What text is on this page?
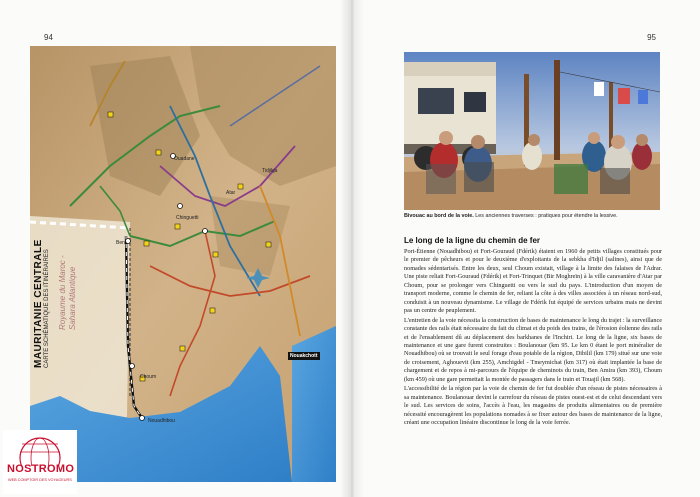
94	95
MAURITANIE CENTRALE CARTE SCHÉMATIQUE DES ITINÉRAIRES Royaume du Maroc - Sahara Atlantique
Ben
Choum
Chinguetti
Ouadane
Nouadhibou
Atar
Tidjikja
Nouakchott
NOSTROMO
WEB COMPTOIR DES VOYAGEURS
Bivouac au bord de la voie. Les anciennes traverses : pratiques pour étendre la lessive.
Le long de la ligne du chemin de fer

Port-Étienne (Nouadhibou) et Fort-Gouraud (Fdérik) étaient en 1960 de petits villages constitués pour le premier de pêcheurs et pour le deuxième d'exploitants de la sebkha d'Idjil (salines), ainsi que de nomades sédentarisés. Entre les deux, seul Choum existait, village à la limite des falaises de l'Adrar. Une piste reliait Fort-Gouraud (Fdérik) et Fort-Trinquet (Bir Moghreïn) à la ville caravanière d'Atar par Choum, pour se prolonger vers Chinguetti ou vers le sud du pays. L'introduction d'un moyen de transport moderne, comme le chemin de fer, reliant la côte à des villes associées à un réseau nord-sud, conduisit à un nouveau dynamisme. Le village de Fdérik fut équipé de services urbains mais ne devint pas un centre de peuplement.

L'entretien de la voie nécessita la construction de bases de maintenance le long du trajet : la surveillance constante des rails était nécessaire du fait du climat et du poids des trains, de l'érosion éolienne des rails et de l'ensablement dû au déplacement des barkhanes de l'Inchiri. Le long de la ligne, six bases de maintenance et une gare furent construites : Boulanouar (km 95. Le km 0 étant le port minéralier de Nouadhibou) où se trouvait le seul forage d'eau potable de la région, Dibilil (km 179) situé sur une voie de croisement, Aghouevit (km 255), Amchigdel - Tmeymichat (km 317) où était implantée la base de chargement et de repos à mi-parcours de l'équipe de cheminots du train, Ben Amira (km 393), Choum (km 459) où une gare permettait la montée de passagers dans le train et Touajil (km 568).

L'accessibilité de la région par la voie de chemin de fer fut doublée d'un réseau de pistes nécessaires à sa maintenance. Boulanouar devint le carrefour du réseau de pistes ouest-est et de celui descendant vers le sud. Les services de soins, l'accès à l'eau, les magasins de produits alimentaires ou de première nécessité encouragèrent les populations nomades à se fixer autour des bases de maintenance de la ligne, créant une occupation linéaire discontinue le long de la voie ferrée.
